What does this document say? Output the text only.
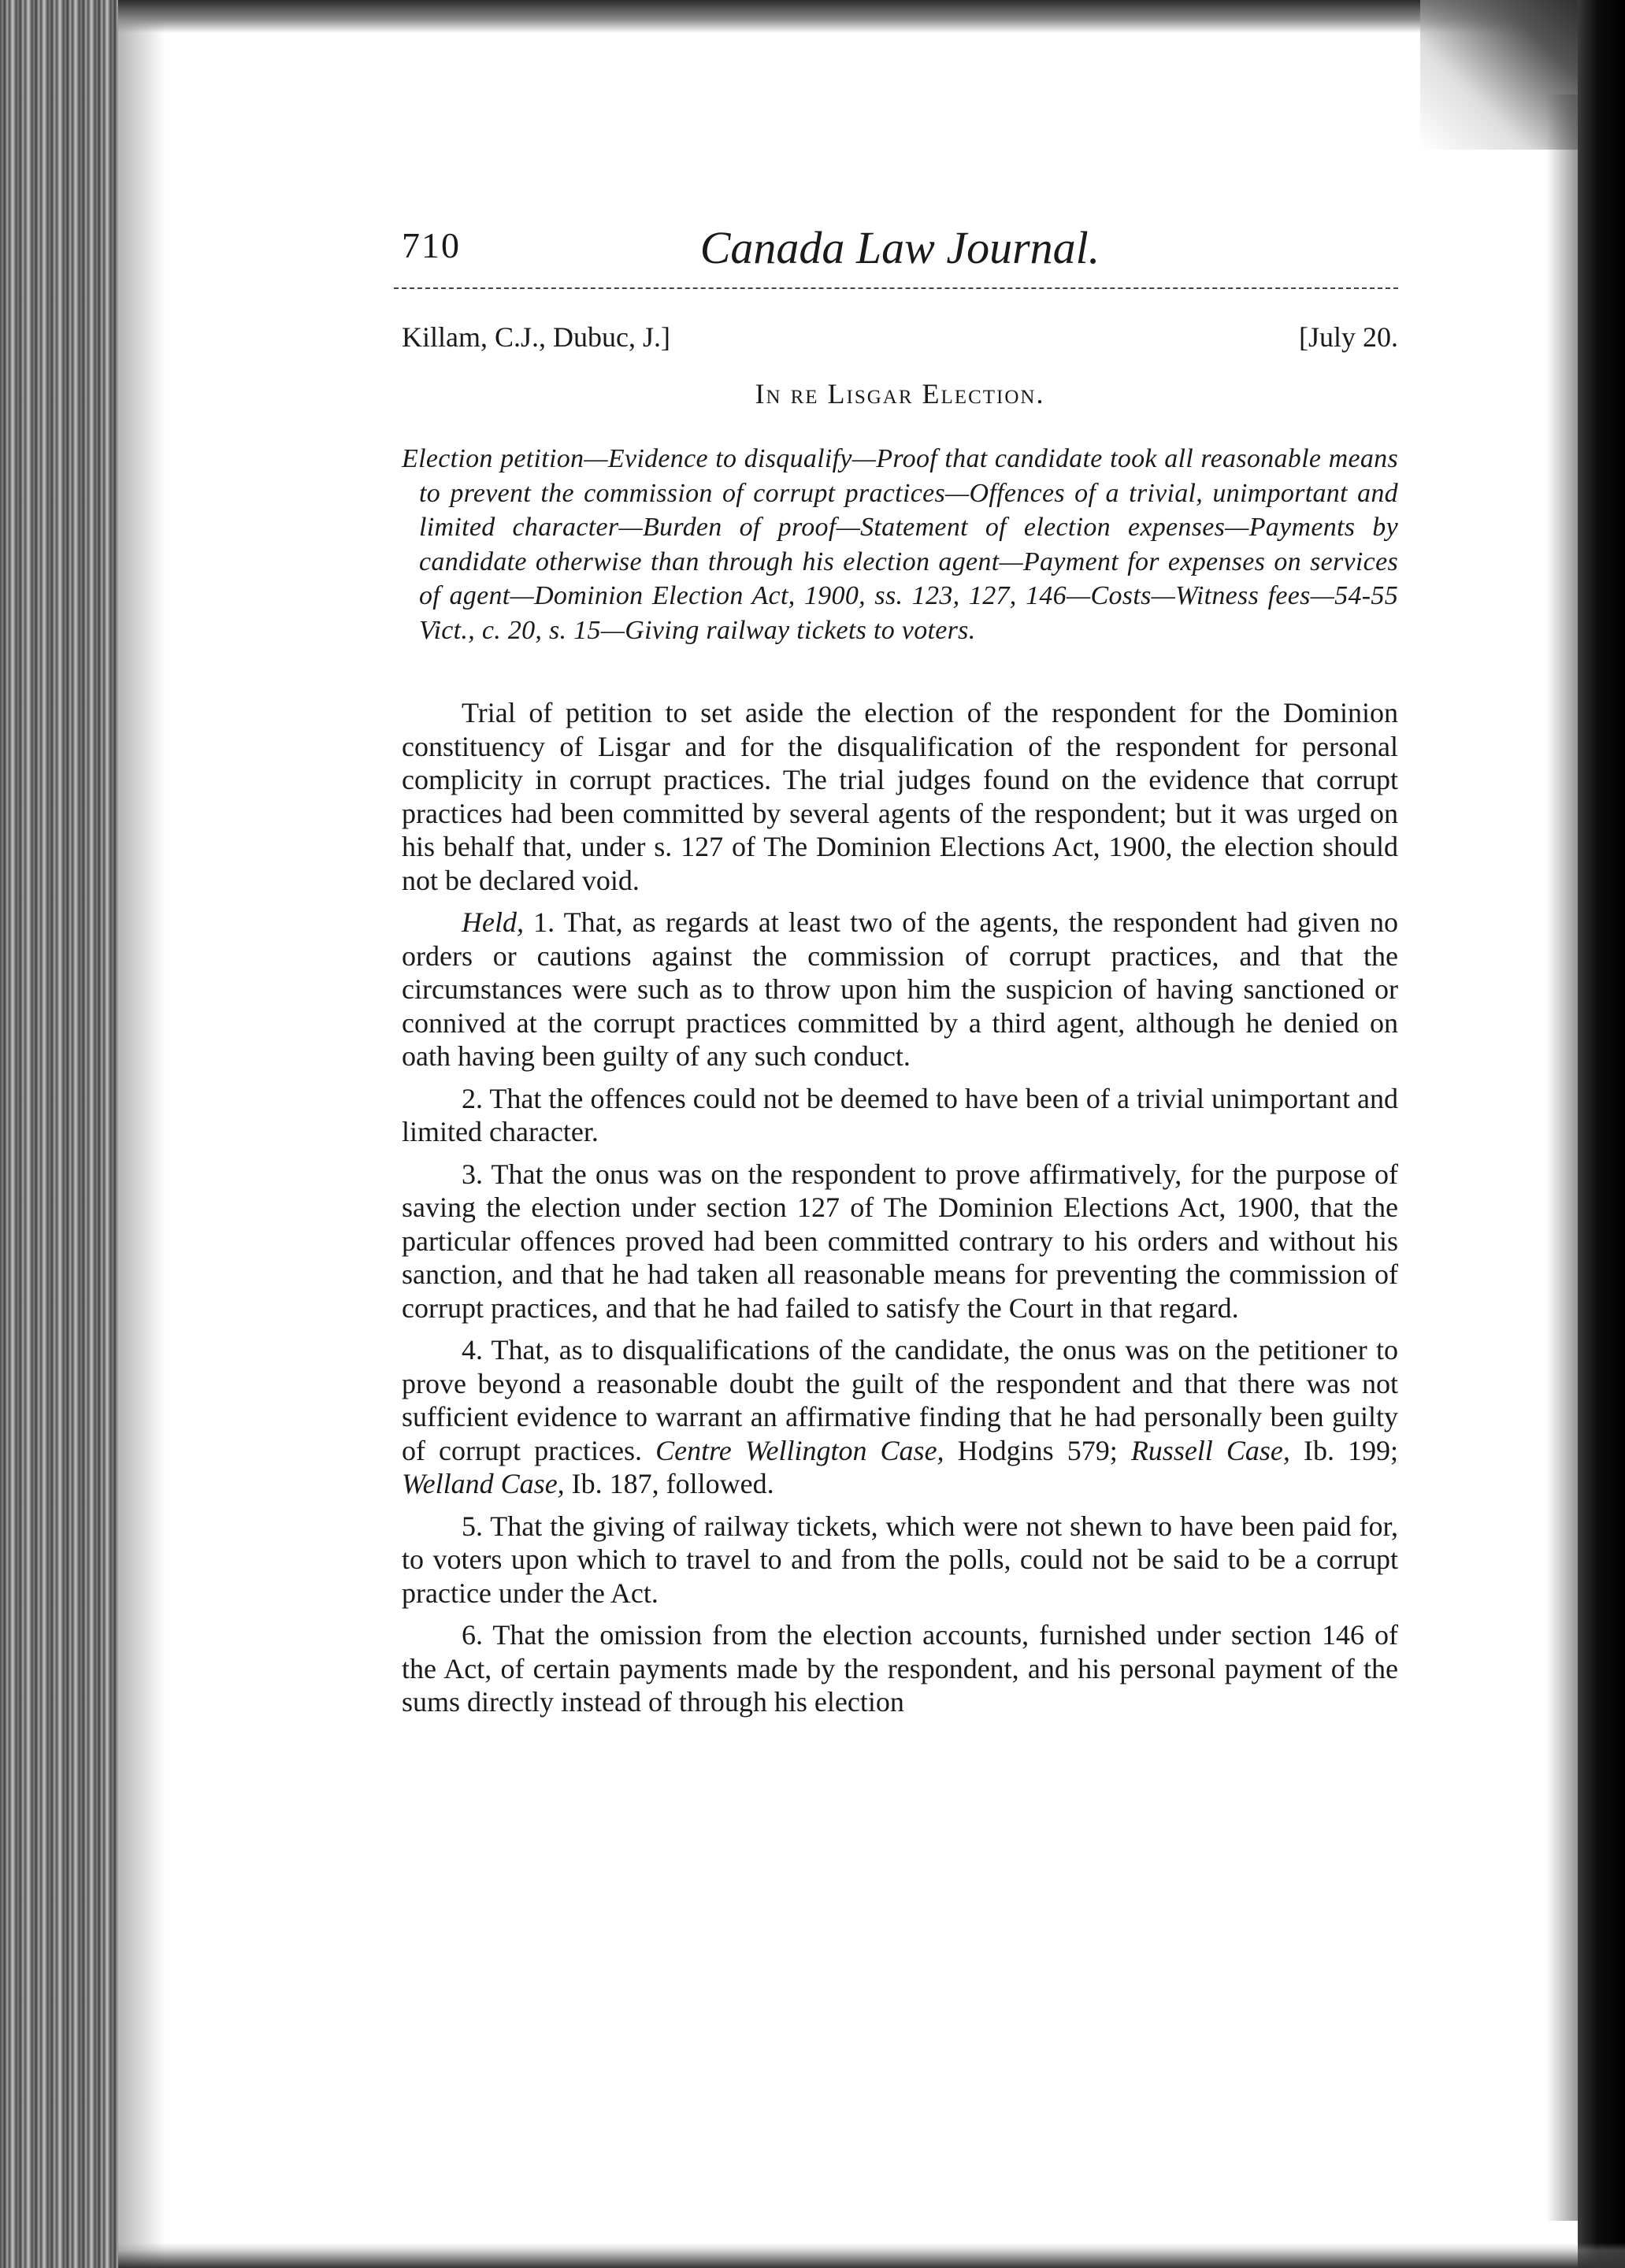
710	Canada Law Journal.
Killam, C.J., Dubuc, J.]	[July 20.
In re Lisgar Election.

Election petition—Evidence to disqualify—Proof that candidate took all reasonable means to prevent the commission of corrupt practices—Offences of a trivial, unimportant and limited character—Burden of proof—Statement of election expenses—Payments by candidate otherwise than through his election agent—Payment for expenses on services of agent—Dominion Election Act, 1900, ss. 123, 127, 146—Costs—Witness fees—54-55 Vict., c. 20, s. 15—Giving railway tickets to voters.

Trial of petition to set aside the election of the respondent for the Dominion constituency of Lisgar and for the disqualification of the respondent for personal complicity in corrupt practices. The trial judges found on the evidence that corrupt practices had been committed by several agents of the respondent; but it was urged on his behalf that, under s. 127 of The Dominion Elections Act, 1900, the election should not be declared void.

Held, 1. That, as regards at least two of the agents, the respondent had given no orders or cautions against the commission of corrupt practices, and that the circumstances were such as to throw upon him the suspicion of having sanctioned or connived at the corrupt practices committed by a third agent, although he denied on oath having been guilty of any such conduct.

2. That the offences could not be deemed to have been of a trivial unimportant and limited character.

3. That the onus was on the respondent to prove affirmatively, for the purpose of saving the election under section 127 of The Dominion Elections Act, 1900, that the particular offences proved had been committed contrary to his orders and without his sanction, and that he had taken all reasonable means for preventing the commission of corrupt practices, and that he had failed to satisfy the Court in that regard.

4. That, as to disqualifications of the candidate, the onus was on the petitioner to prove beyond a reasonable doubt the guilt of the respondent and that there was not sufficient evidence to warrant an affirmative finding that he had personally been guilty of corrupt practices. Centre Wellington Case, Hodgins 579; Russell Case, Ib. 199; Welland Case, Ib. 187, followed.

5. That the giving of railway tickets, which were not shewn to have been paid for, to voters upon which to travel to and from the polls, could not be said to be a corrupt practice under the Act.

6. That the omission from the election accounts, furnished under section 146 of the Act, of certain payments made by the respondent, and his personal payment of the sums directly instead of through his election
